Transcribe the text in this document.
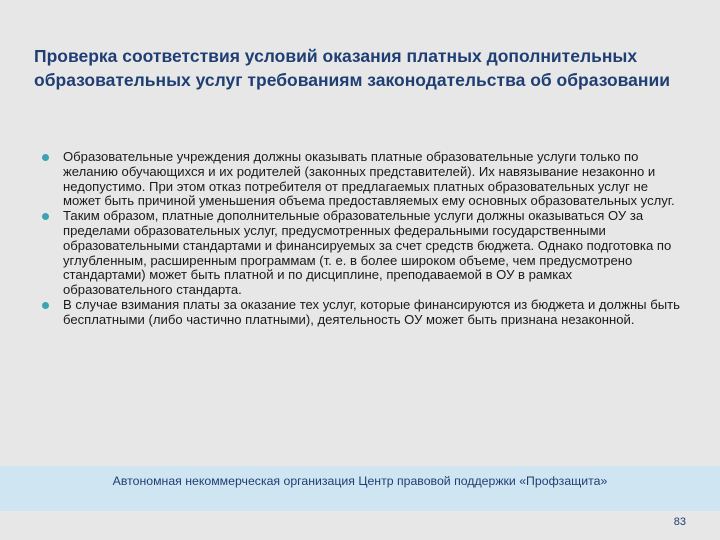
Проверка соответствия условий оказания платных дополнительных образовательных услуг требованиям законодательства об образовании
Образовательные учреждения должны оказывать платные образовательные услуги только по желанию обучающихся и их родителей (законных представителей). Их навязывание незаконно и недопустимо. При этом отказ потребителя от предлагаемых платных образовательных услуг не может быть причиной уменьшения объема предоставляемых ему основных образовательных услуг.
Таким образом, платные дополнительные образовательные услуги должны оказываться ОУ за пределами образовательных услуг, предусмотренных федеральными государственными образовательными стандартами и финансируемых за счет средств бюджета. Однако подготовка по углубленным, расширенным программам (т. е. в более широком объеме, чем предусмотрено стандартами) может быть платной и по дисциплине, преподаваемой в ОУ в рамках образовательного стандарта.
В случае взимания платы за оказание тех услуг, которые финансируются из бюджета и должны быть бесплатными (либо частично платными), деятельность ОУ может быть признана незаконной.
Автономная некоммерческая организация Центр правовой поддержки «Профзащита»
83
